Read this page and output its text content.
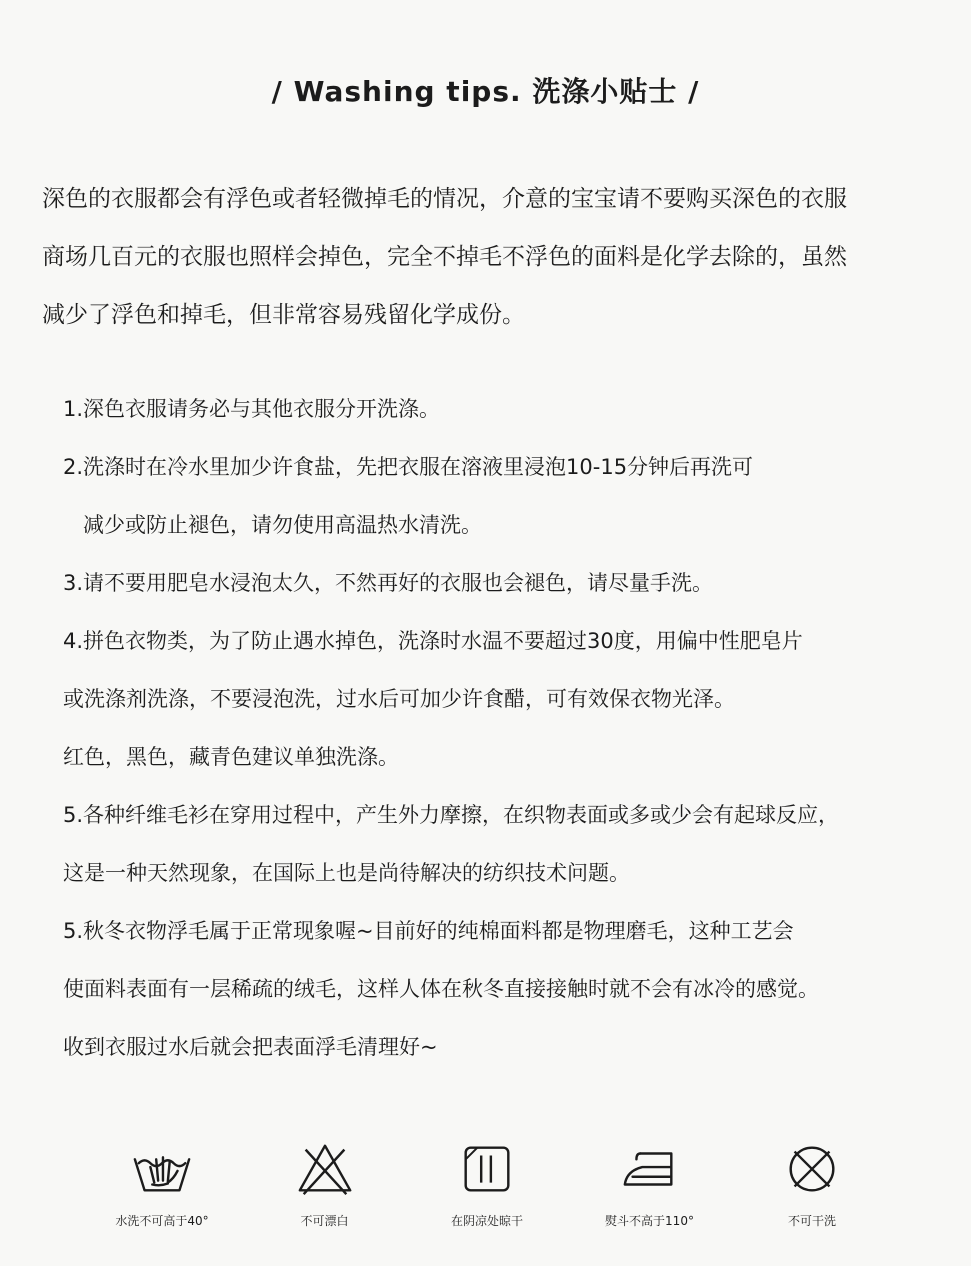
/ Washing tips. 洗涤小贴士 /
深色的衣服都会有浮色或者轻微掉毛的情况，介意的宝宝请不要购买深色的衣服
商场几百元的衣服也照样会掉色，完全不掉毛不浮色的面料是化学去除的，虽然
减少了浮色和掉毛，但非常容易残留化学成份。
1.深色衣服请务必与其他衣服分开洗涤。
2.洗涤时在冷水里加少许食盐，先把衣服在溶液里浸泡10-15分钟后再洗可
减少或防止褪色，请勿使用高温热水清洗。
3.请不要用肥皂水浸泡太久，不然再好的衣服也会褪色，请尽量手洗。
4.拼色衣物类，为了防止遇水掉色，洗涤时水温不要超过30度，用偏中性肥皂片
或洗涤剂洗涤，不要浸泡洗，过水后可加少许食醋，可有效保衣物光泽。
红色，黑色，藏青色建议单独洗涤。
5.各种纤维毛衫在穿用过程中，产生外力摩擦，在织物表面或多或少会有起球反应，
这是一种天然现象，在国际上也是尚待解决的纺织技术问题。
5.秋冬衣物浮毛属于正常现象喔~目前好的纯棉面料都是物理磨毛，这种工艺会
使面料表面有一层稀疏的绒毛，这样人体在秋冬直接接触时就不会有冰冷的感觉。
收到衣服过水后就会把表面浮毛清理好~
水洗不可高于40°	不可漂白	在阴凉处晾干	熨斗不高于110°	不可干洗
